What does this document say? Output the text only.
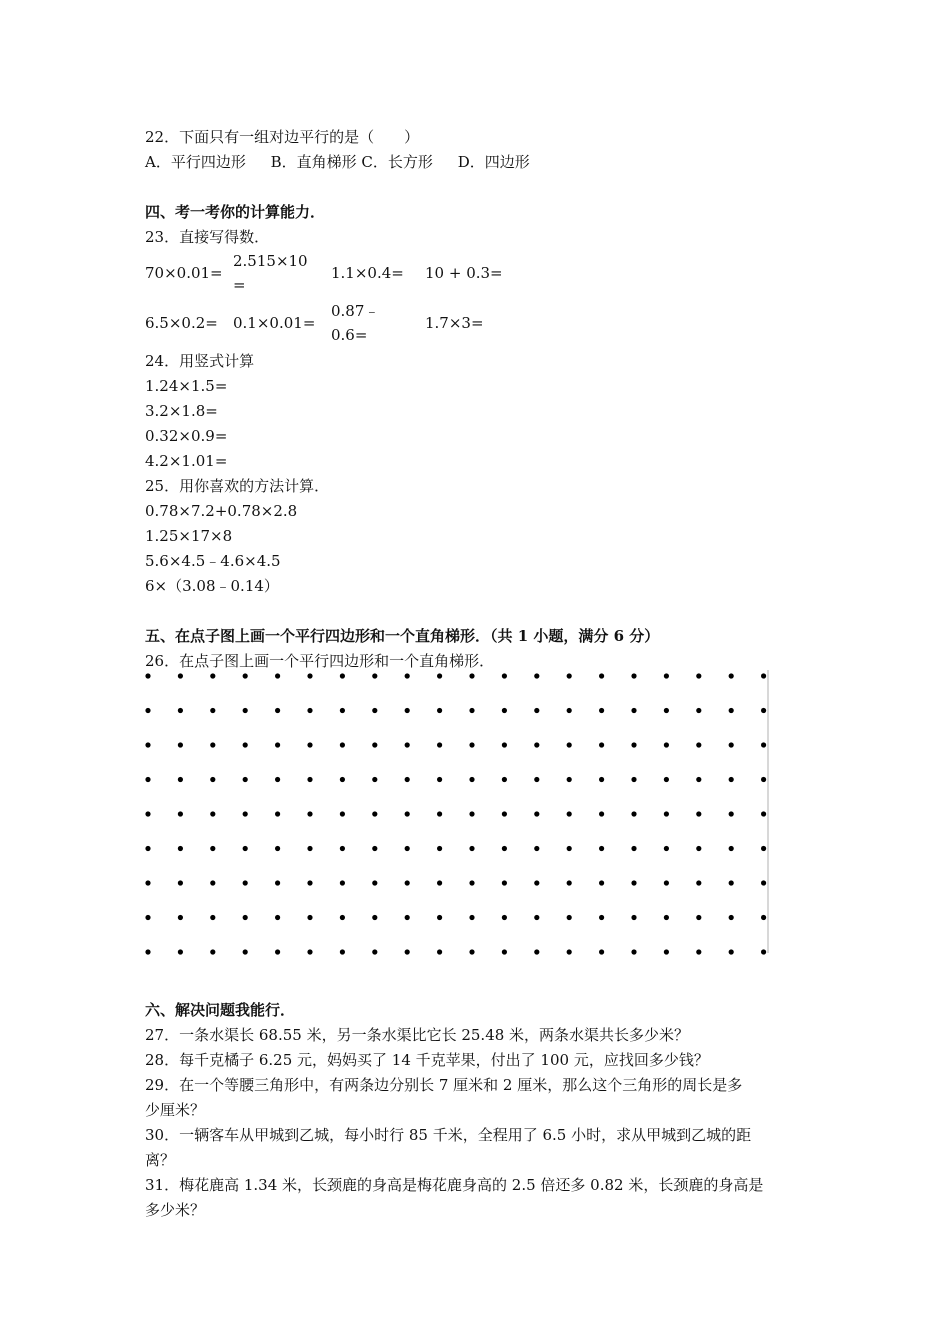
22．下面只有一组对边平行的是（　　）
A．平行四边形 B．直角梯形 C．长方形 D．四边形
四、考一考你的计算能力．
23．直接写得数．
70×0.01=
2.515×10
=
1.1×0.4= 10 + 0.3=
6.5×0.2= 0.1×0.01=
0.87﹣
0.6=
1.7×3=
24．用竖式计算
1.24×1.5=
3.2×1.8=
0.32×0.9=
4.2×1.01=
25．用你喜欢的方法计算．
0.78×7.2+0.78×2.8
1.25×17×8
5.6×4.5﹣4.6×4.5
6×（3.08﹣0.14）
五、在点子图上画一个平行四边形和一个直角梯形．（共 1 小题，满分 6 分）
26．在点子图上画一个平行四边形和一个直角梯形．
六、解决问题我能行．
27．一条水渠长 68.55 米，另一条水渠比它长 25.48 米，两条水渠共长多少米？
28．每千克橘子 6.25 元，妈妈买了 14 千克苹果，付出了 100 元，应找回多少钱？
29．在一个等腰三角形中，有两条边分别长 7 厘米和 2 厘米，那么这个三角形的周长是多
少厘米？
30．一辆客车从甲城到乙城，每小时行 85 千米，全程用了 6.5 小时，求从甲城到乙城的距
离？
31．梅花鹿高 1.34 米，长颈鹿的身高是梅花鹿身高的 2.5 倍还多 0.82 米，长颈鹿的身高是
多少米？
